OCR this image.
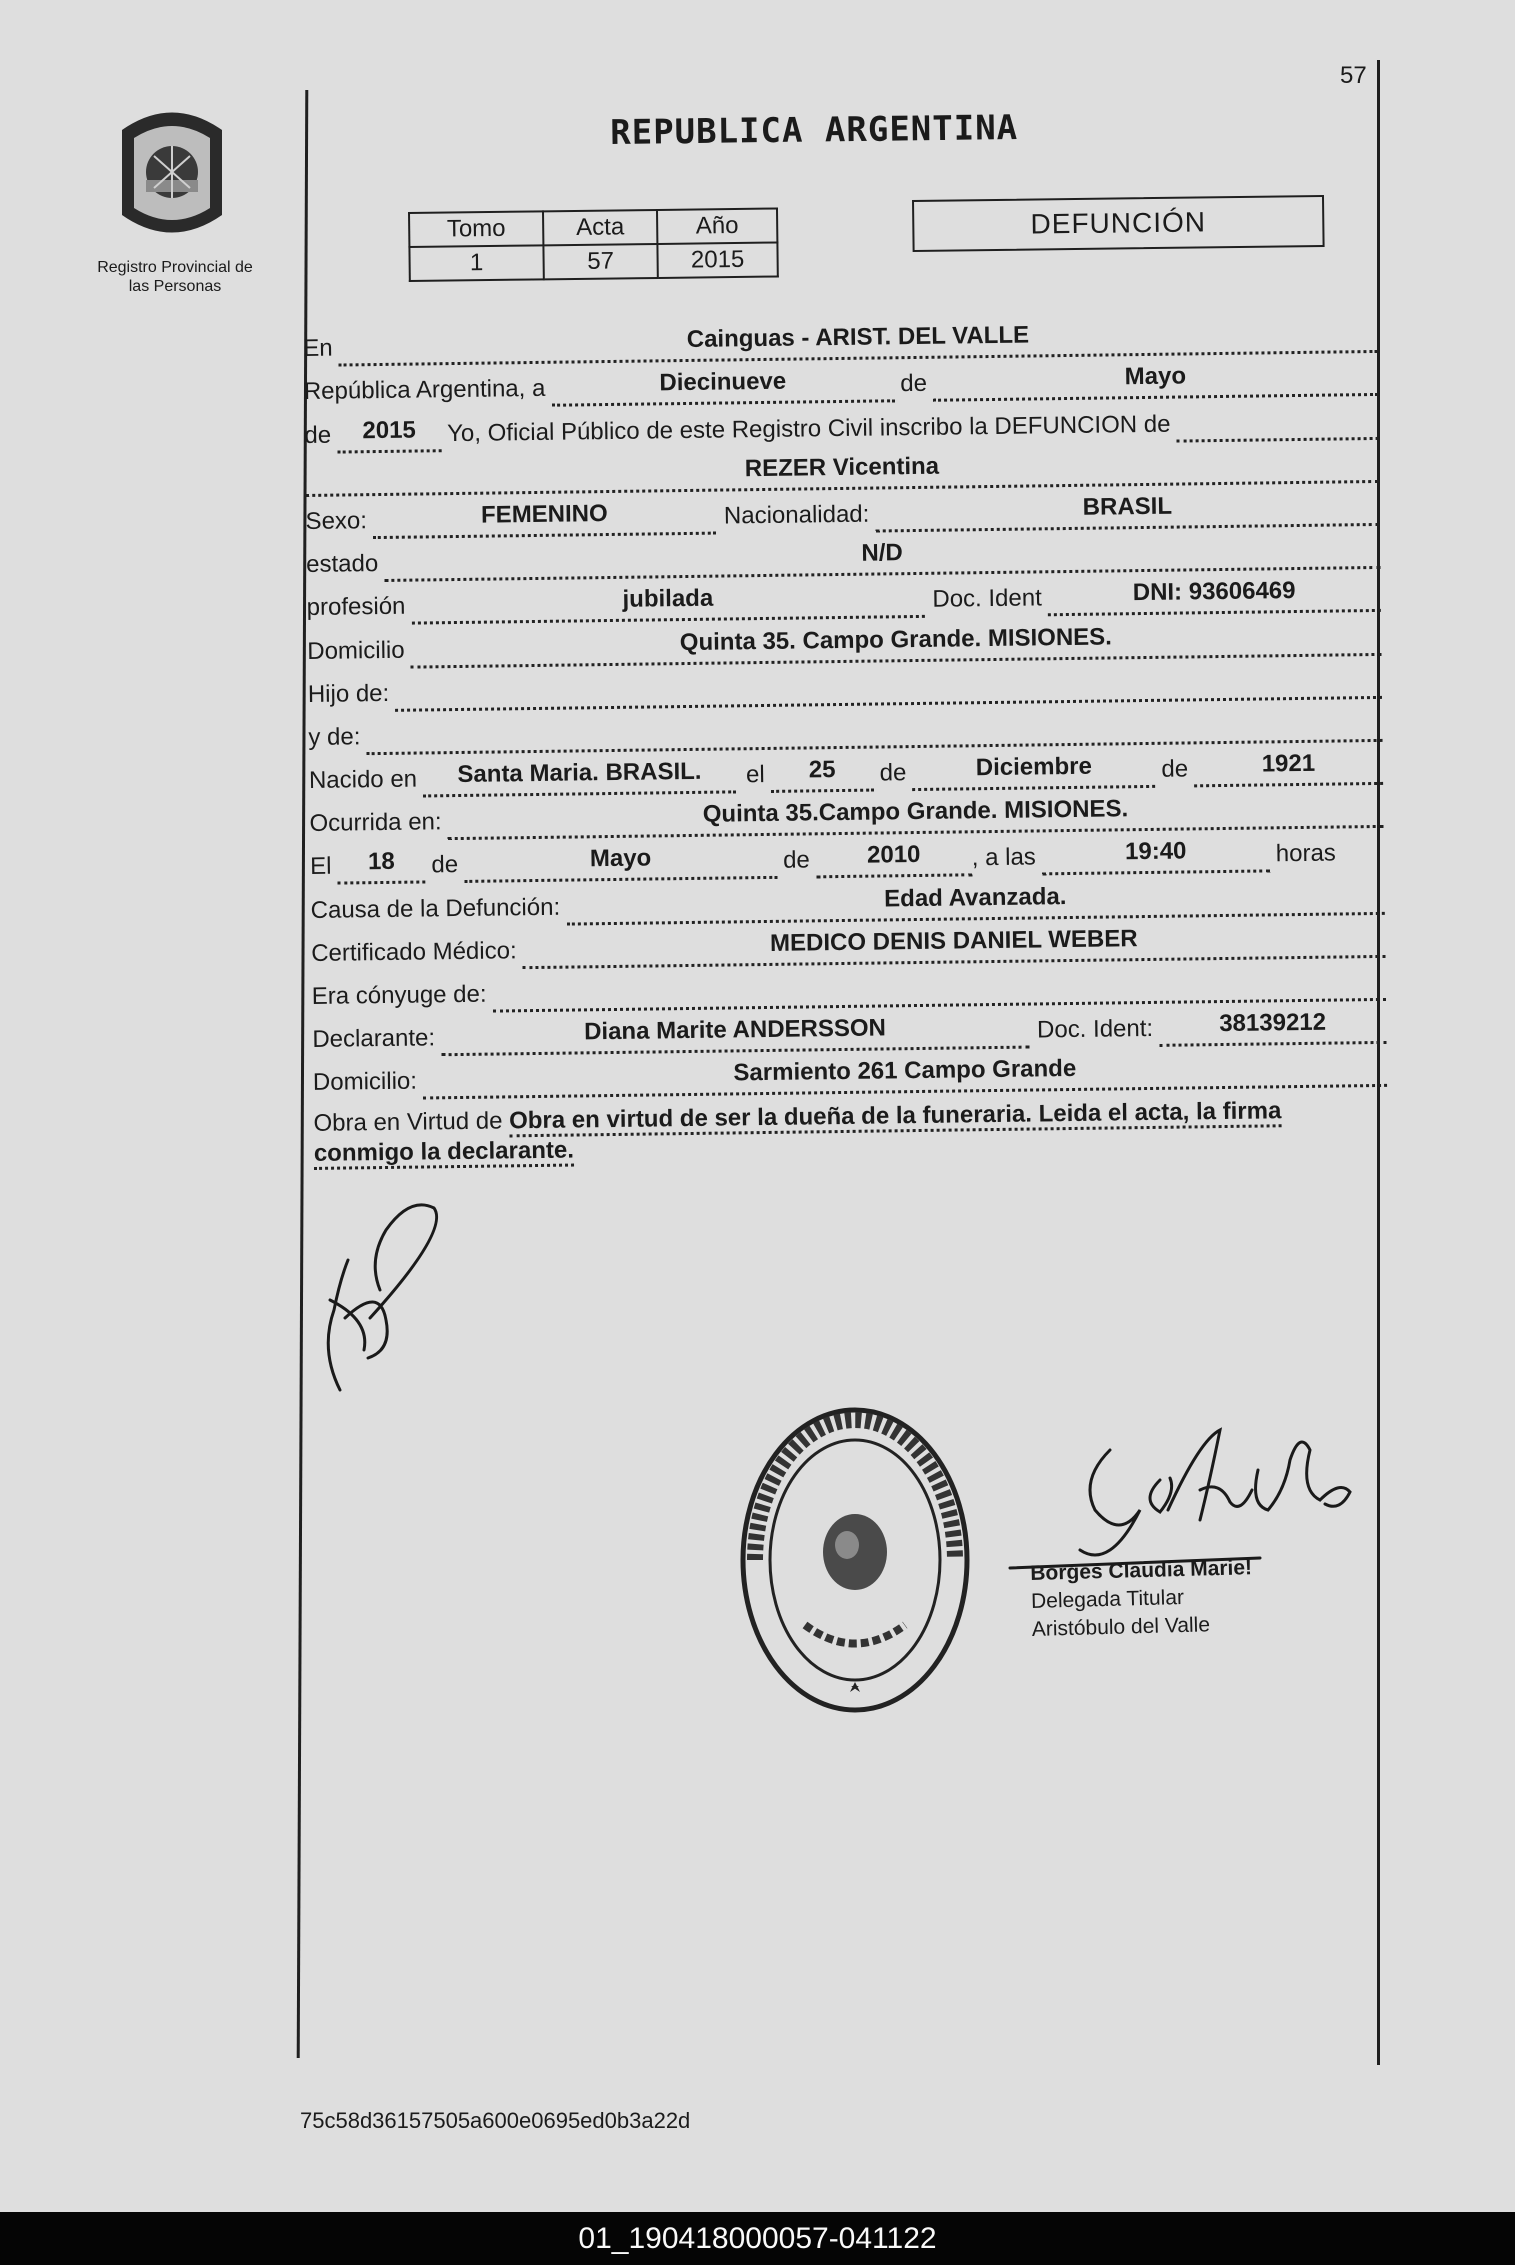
57
Registro Provincial de
las Personas
REPUBLICA ARGENTINA
Tomo	Acta	Año
1	57	2015
DEFUNCIÓN
En	Cainguas - ARIST. DEL VALLE
República Argentina, a	Diecinueve	de	Mayo
de	2015	Yo, Oficial Público de este Registro Civil inscribo la DEFUNCION de
REZER Vicentina
Sexo:	FEMENINO	Nacionalidad:	BRASIL
estado	N/D
profesión	jubilada	Doc. Ident	DNI: 93606469
Domicilio	Quinta 35. Campo Grande. MISIONES.
Hijo de:
y de:
Nacido en	Santa Maria. BRASIL.	el	25	de	Diciembre	de	1921
Ocurrida en:	Quinta 35.Campo Grande. MISIONES.
El	18	de	Mayo	de	2010	, a las	19:40	horas
Causa de la Defunción:	Edad Avanzada.
Certificado Médico:	MEDICO DENIS DANIEL WEBER
Era cónyuge de:
Declarante:	Diana Marite ANDERSSON	Doc. Ident:	38139212
Domicilio:	Sarmiento 261 Campo Grande
Obra en Virtud de Obra en virtud de ser la dueña de la funeraria. Leida el acta, la firma conmigo la declarante.
Borges Claudia Marie!
Delegada Titular
Aristóbulo del Valle
75c58d36157505a600e0695ed0b3a22d
01_190418000057-041122
